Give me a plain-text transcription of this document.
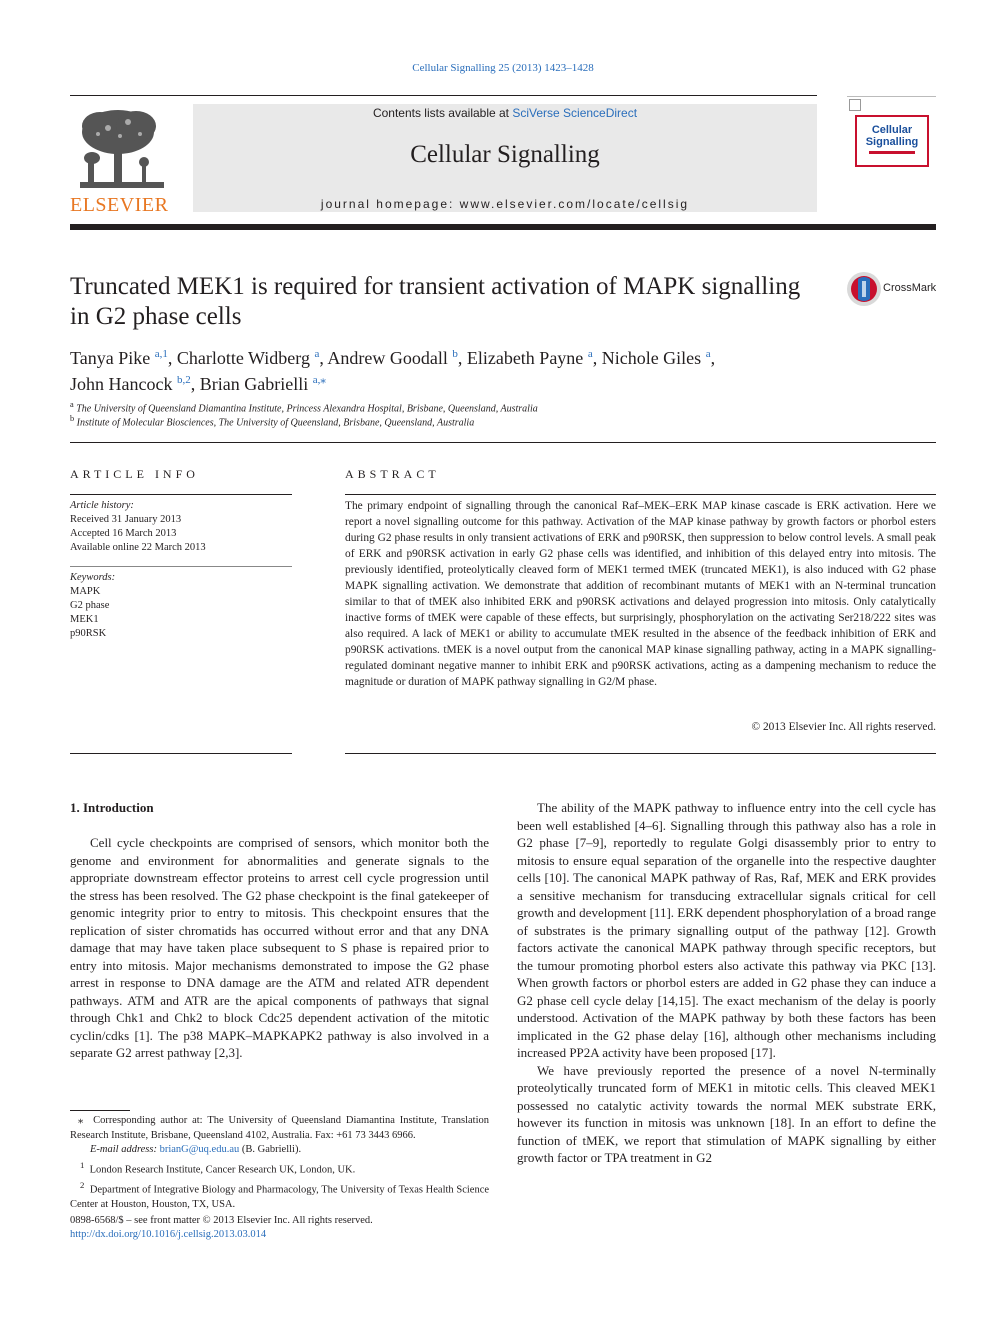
Cellular Signalling 25 (2013) 1423–1428
ELSEVIER
Contents lists available at SciVerse ScienceDirect
Cellular Signalling
journal homepage: www.elsevier.com/locate/cellsig
Cellular
Signalling
Truncated MEK1 is required for transient activation of MAPK signalling in G2 phase cells
CrossMark
Tanya Pike $^{a,1}$, Charlotte Widberg $^a$, Andrew Goodall $^b$, Elizabeth Payne $^a$, Nichole Giles $^a$,
John Hancock $^{b,2}$, Brian Gabrielli $^{a,⁎}$
$^a$ The University of Queensland Diamantina Institute, Princess Alexandra Hospital, Brisbane, Queensland, Australia
$^b$ Institute of Molecular Biosciences, The University of Queensland, Brisbane, Queensland, Australia
ARTICLE INFO
Article history:
Received 31 January 2013
Accepted 16 March 2013
Available online 22 March 2013
Keywords:
MAPK
G2 phase
MEK1
p90RSK
ABSTRACT
The primary endpoint of signalling through the canonical Raf–MEK–ERK MAP kinase cascade is ERK activation. Here we report a novel signalling outcome for this pathway. Activation of the MAP kinase pathway by growth factors or phorbol esters during G2 phase results in only transient activations of ERK and p90RSK, then suppression to below control levels. A small peak of ERK and p90RSK activation in early G2 phase cells was identified, and inhibition of this delayed entry into mitosis. The previously identified, proteolytically cleaved form of MEK1 termed tMEK (truncated MEK1), is also induced with G2 phase MAPK signalling activation. We demonstrate that addition of recombinant mutants of MEK1 with an N-terminal truncation similar to that of tMEK also inhibited ERK and p90RSK activations and delayed progression into mitosis. Only catalytically inactive forms of tMEK were capable of these effects, but surprisingly, phosphorylation on the activating Ser218/222 sites was also required. A lack of MEK1 or ability to accumulate tMEK resulted in the absence of the feedback inhibition of ERK and p90RSK activations. tMEK is a novel output from the canonical MAP kinase signalling pathway, acting in a MAPK signalling-regulated dominant negative manner to inhibit ERK and p90RSK activations, acting as a dampening mechanism to reduce the magnitude or duration of MAPK pathway signalling in G2/M phase.
© 2013 Elsevier Inc. All rights reserved.
1. Introduction

Cell cycle checkpoints are comprised of sensors, which monitor both the genome and environment for abnormalities and generate signals to the appropriate downstream effector proteins to arrest cell cycle progression until the stress has been resolved. The G2 phase checkpoint is the final gatekeeper of genomic integrity prior to entry to mitosis. This checkpoint ensures that the replication of sister chromatids has occurred without error and that any DNA damage that may have taken place subsequent to S phase is repaired prior to entry into mitosis. Major mechanisms demonstrated to impose the G2 phase arrest in response to DNA damage are the ATM and related ATR dependent pathways. ATM and ATR are the apical components of pathways that signal through Chk1 and Chk2 to block Cdc25 dependent activation of the mitotic cyclin/cdks [1]. The p38 MAPK–MAPKAPK2 pathway is also involved in a separate G2 arrest pathway [2,3].

The ability of the MAPK pathway to influence entry into the cell cycle has been well established [4–6]. Signalling through this pathway also has a role in G2 phase [7–9], reportedly to regulate Golgi disassembly prior to entry to mitosis to ensure equal separation of the organelle into the respective daughter cells [10]. The canonical MAPK pathway of Ras, Raf, MEK and ERK provides a sensitive mechanism for transducing extracellular signals critical for cell growth and development [11]. ERK dependent phosphorylation of a broad range of substrates is the primary signalling output of the pathway [12]. Growth factors activate the canonical MAPK pathway through specific receptors, but the tumour promoting phorbol esters also activate this pathway via PKC [13]. When growth factors or phorbol esters are added in G2 phase they can induce a G2 phase cell cycle delay [14,15]. The exact mechanism of the delay is poorly understood. Activation of the MAPK pathway by both these factors has been implicated in the G2 phase delay [16], although other mechanisms including increased PP2A activity have been proposed [17].

We have previously reported the presence of a novel N-terminally proteolytically truncated form of MEK1 in mitotic cells. This cleaved MEK1 possessed no catalytic activity towards the normal MEK substrate ERK, however its function in mitosis was unknown [18]. In an effort to define the function of tMEK, we report that stimulation of MAPK signalling by either growth factor or TPA treatment in G2

⁎ Corresponding author at: The University of Queensland Diamantina Institute, Translation Research Institute, Brisbane, Queensland 4102, Australia. Fax: +61 73 3443 6966.
E-mail address: brianG@uq.edu.au (B. Gabrielli).
$^1$ London Research Institute, Cancer Research UK, London, UK.
$^2$ Department of Integrative Biology and Pharmacology, The University of Texas Health Science Center at Houston, Houston, TX, USA.
0898-6568/$ – see front matter © 2013 Elsevier Inc. All rights reserved.
http://dx.doi.org/10.1016/j.cellsig.2013.03.014
